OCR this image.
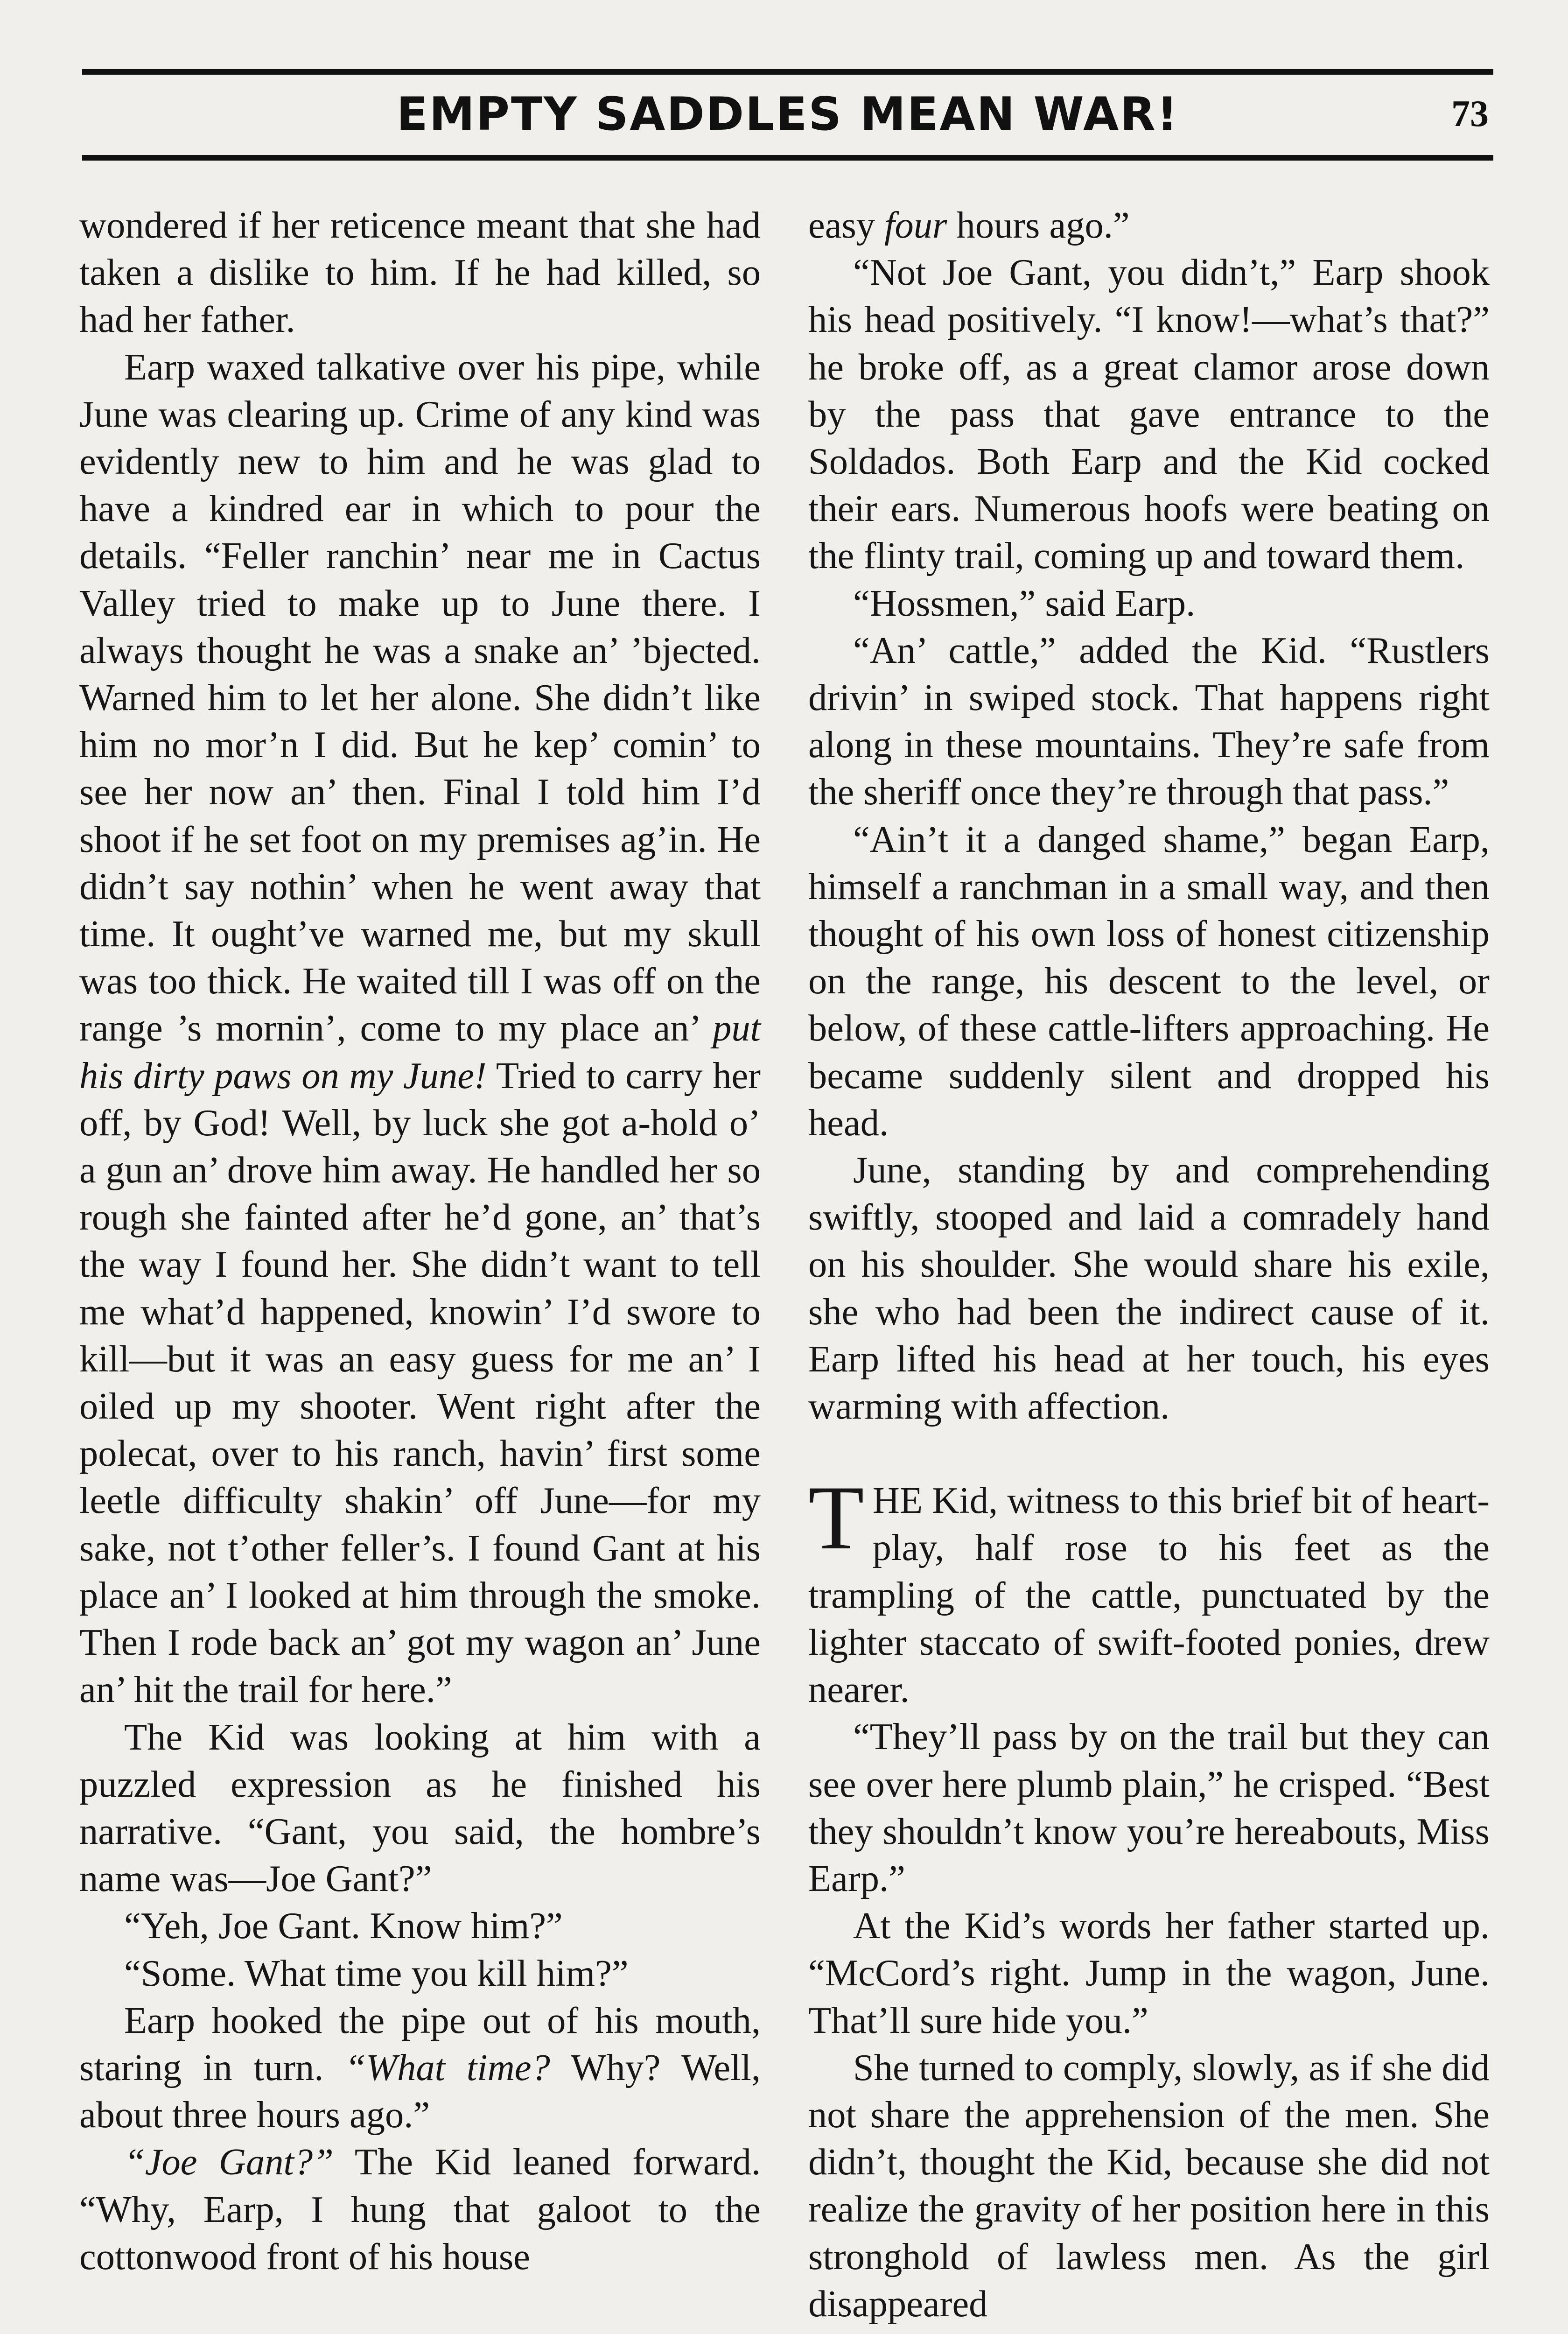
EMPTY SADDLES MEAN WAR!	73

wondered if her reticence meant that she had taken a dislike to him. If he had killed, so had her father.

Earp waxed talkative over his pipe, while June was clearing up. Crime of any kind was evidently new to him and he was glad to have a kindred ear in which to pour the details. “Feller ranchin’ near me in Cactus Valley tried to make up to June there. I always thought he was a snake an’ ’bjected. Warned him to let her alone. She didn’t like him no mor’n I did. But he kep’ comin’ to see her now an’ then. Final I told him I’d shoot if he set foot on my premises ag’in. He didn’t say nothin’ when he went away that time. It ought’ve warned me, but my skull was too thick. He waited till I was off on the range ’s mornin’, come to my place an’ put his dirty paws on my June! Tried to carry her off, by God! Well, by luck she got a-hold o’ a gun an’ drove him away. He handled her so rough she fainted after he’d gone, an’ that’s the way I found her. She didn’t want to tell me what’d happened, knowin’ I’d swore to kill—but it was an easy guess for me an’ I oiled up my shooter. Went right after the polecat, over to his ranch, havin’ first some leetle difficulty shakin’ off June—for my sake, not t’other feller’s. I found Gant at his place an’ I looked at him through the smoke. Then I rode back an’ got my wagon an’ June an’ hit the trail for here.”

The Kid was looking at him with a puzzled expression as he finished his narrative. “Gant, you said, the hombre’s name was—Joe Gant?”

“Yeh, Joe Gant. Know him?”

“Some. What time you kill him?”

Earp hooked the pipe out of his mouth, staring in turn. “What time? Why? Well, about three hours ago.”

“Joe Gant?” The Kid leaned forward. “Why, Earp, I hung that galoot to the cottonwood front of his house

easy four hours ago.”

“Not Joe Gant, you didn’t,” Earp shook his head positively. “I know!—what’s that?” he broke off, as a great clamor arose down by the pass that gave entrance to the Soldados. Both Earp and the Kid cocked their ears. Numerous hoofs were beating on the flinty trail, coming up and toward them.

“Hossmen,” said Earp.

“An’ cattle,” added the Kid. “Rustlers drivin’ in swiped stock. That happens right along in these mountains. They’re safe from the sheriff once they’re through that pass.”

“Ain’t it a danged shame,” began Earp, himself a ranchman in a small way, and then thought of his own loss of honest citizenship on the range, his descent to the level, or below, of these cattle-lifters approaching. He became suddenly silent and dropped his head.

June, standing by and comprehending swiftly, stooped and laid a comradely hand on his shoulder. She would share his exile, she who had been the indirect cause of it. Earp lifted his head at her touch, his eyes warming with affection.

THE Kid, witness to this brief bit of heart-play, half rose to his feet as the trampling of the cattle, punctuated by the lighter staccato of swift-footed ponies, drew nearer.

“They’ll pass by on the trail but they can see over here plumb plain,” he crisped. “Best they shouldn’t know you’re hereabouts, Miss Earp.”

At the Kid’s words her father started up. “McCord’s right. Jump in the wagon, June. That’ll sure hide you.”

She turned to comply, slowly, as if she did not share the apprehension of the men. She didn’t, thought the Kid, because she did not realize the gravity of her position here in this stronghold of lawless men. As the girl disappeared
